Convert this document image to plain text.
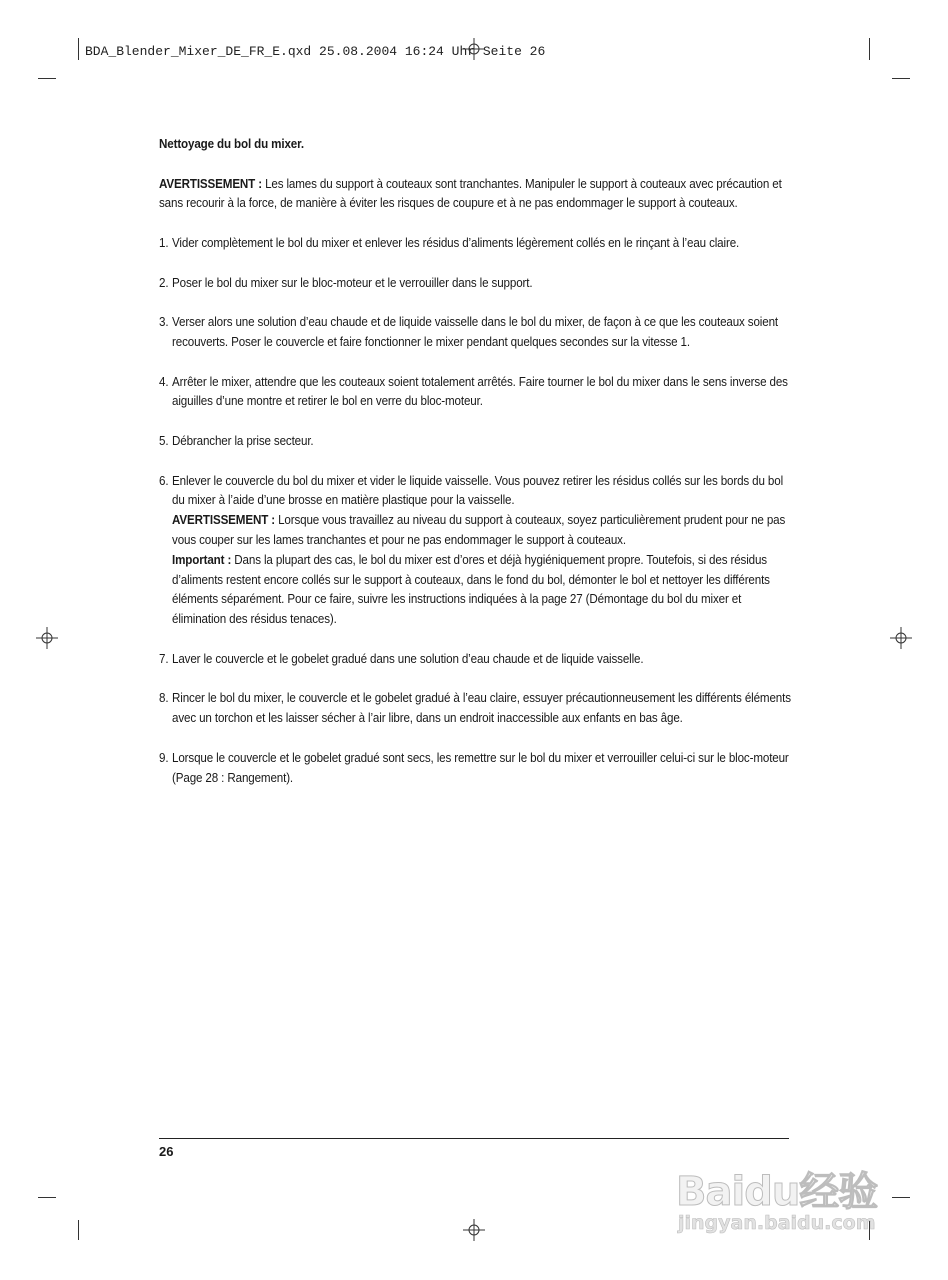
BDA_Blender_Mixer_DE_FR_E.qxd 25.08.2004 16:24 Uhr Seite 26
Nettoyage du bol du mixer.

AVERTISSEMENT : Les lames du support à couteaux sont tranchantes. Manipuler le support à couteaux avec précaution et sans recourir à la force, de manière à éviter les risques de coupure et à ne pas endommager le support à couteaux.

1. Vider complètement le bol du mixer et enlever les résidus d’aliments légèrement collés en le rinçant à l’eau claire.
2. Poser le bol du mixer sur le bloc-moteur et le verrouiller dans le support.
3. Verser alors une solution d’eau chaude et de liquide vaisselle dans le bol du mixer, de façon à ce que les couteaux soient recouverts. Poser le couvercle et faire fonctionner le mixer pendant quelques secondes sur la vitesse 1.
4. Arrêter le mixer, attendre que les couteaux soient totalement arrêtés. Faire tourner le bol du mixer dans le sens inverse des aiguilles d’une montre et retirer le bol en verre du bloc-moteur.
5. Débrancher la prise secteur.
6. Enlever le couvercle du bol du mixer et vider le liquide vaisselle. Vous pouvez retirer les résidus collés sur les bords du bol du mixer à l’aide d’une brosse en matière plastique pour la vaisselle.
AVERTISSEMENT : Lorsque vous travaillez au niveau du support à couteaux, soyez particulièrement prudent pour ne pas vous couper sur les lames tranchantes et pour ne pas endommager le support à couteaux.
Important : Dans la plupart des cas, le bol du mixer est d’ores et déjà hygiéniquement propre. Toutefois, si des résidus d’aliments restent encore collés sur le support à couteaux, dans le fond du bol, démonter le bol et nettoyer les différents éléments séparément. Pour ce faire, suivre les instructions indiquées à la page 27 (Démontage du bol du mixer et élimination des résidus tenaces).
7. Laver le couvercle et le gobelet gradué dans une solution d’eau chaude et de liquide vaisselle.
8. Rincer le bol du mixer, le couvercle et le gobelet gradué à l’eau claire, essuyer précautionneusement les différents éléments avec un torchon et les laisser sécher à l’air libre, dans un endroit inaccessible aux enfants en bas âge.
9. Lorsque le couvercle et le gobelet gradué sont secs, les remettre sur le bol du mixer et verrouiller celui-ci sur le bloc-moteur (Page 28 : Rangement).
26
Baidu经验
jingyan.baidu.com
